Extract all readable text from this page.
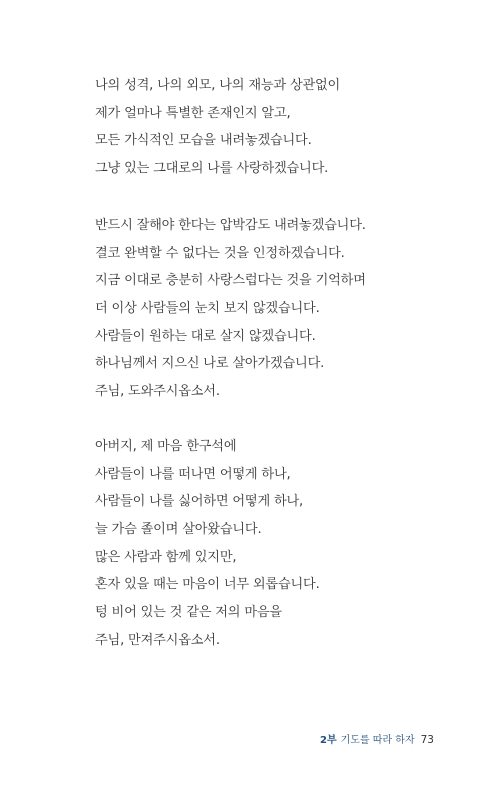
나의 성격, 나의 외모, 나의 재능과 상관없이
제가 얼마나 특별한 존재인지 알고,
모든 가식적인 모습을 내려놓겠습니다.
그냥 있는 그대로의 나를 사랑하겠습니다.
반드시 잘해야 한다는 압박감도 내려놓겠습니다.
결코 완벽할 수 없다는 것을 인정하겠습니다.
지금 이대로 충분히 사랑스럽다는 것을 기억하며
더 이상 사람들의 눈치 보지 않겠습니다.
사람들이 원하는 대로 살지 않겠습니다.
하나님께서 지으신 나로 살아가겠습니다.
주님, 도와주시옵소서.
아버지, 제 마음 한구석에
사람들이 나를 떠나면 어떻게 하나,
사람들이 나를 싫어하면 어떻게 하나,
늘 가슴 졸이며 살아왔습니다.
많은 사람과 함께 있지만,
혼자 있을 때는 마음이 너무 외롭습니다.
텅 비어 있는 것 같은 저의 마음을
주님, 만져주시옵소서.
2부 기도를 따라 하자 73
